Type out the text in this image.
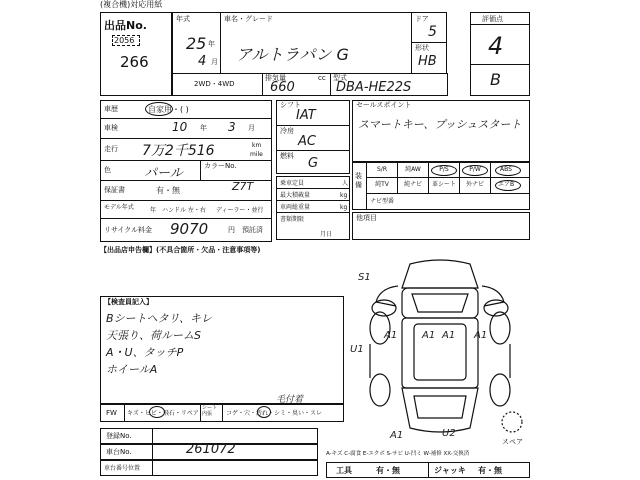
(複合機)対応用紙
出品No.
2056
266
年式
25 年
4 月
車名・グレード
アルトラパン G
ドア
5
形状
HB
評価点
4
B
2WD・4WD
排気量	cc
660
型式
DBA-HE22S
車歴	自家用・( )
車検	10 年 3 月
走行 7万2千516	km
mile
色	パール	カラーNo.
Z7T
保証書	有・無
モデル年式	年 ハンドル 左・右 ディーラー・並行
リサイクル料金 9070	円 預託済
シフト
IAT
冷房
AC
燃料 G
乗車定員	人
最大積載量	kg
車両総重量	kg
書類期限
月日
セールスポイント
スマートキー、プッシュスタート
装備
S/R	純AW	P/S	P/W	ABS
純TV	純ナビ	革シート	外ナビ	エアB
ナビ型番
他項目
【出品店申告欄】(不具合箇所・欠品・注意事項等)
【検査員記入】
Bシートヘタリ、キレ
天張り、荷ルームS
A・U、タッチP
ホイールA
FW キズ・ヒビ・飛石・リペア
シート内張	コゲ・穴・汚れ・シミ・臭い・スレ
毛付着
登録No.
車台No.	261072
車台番号位置
A-キズ C-腐食 E-エクボ S-サビ U-凹ミ W-補修 XX-交換済
工具	有・無	ジャッキ 有・無
S1
U1
A1 A1 A1 A1
U2
A1
スペア
